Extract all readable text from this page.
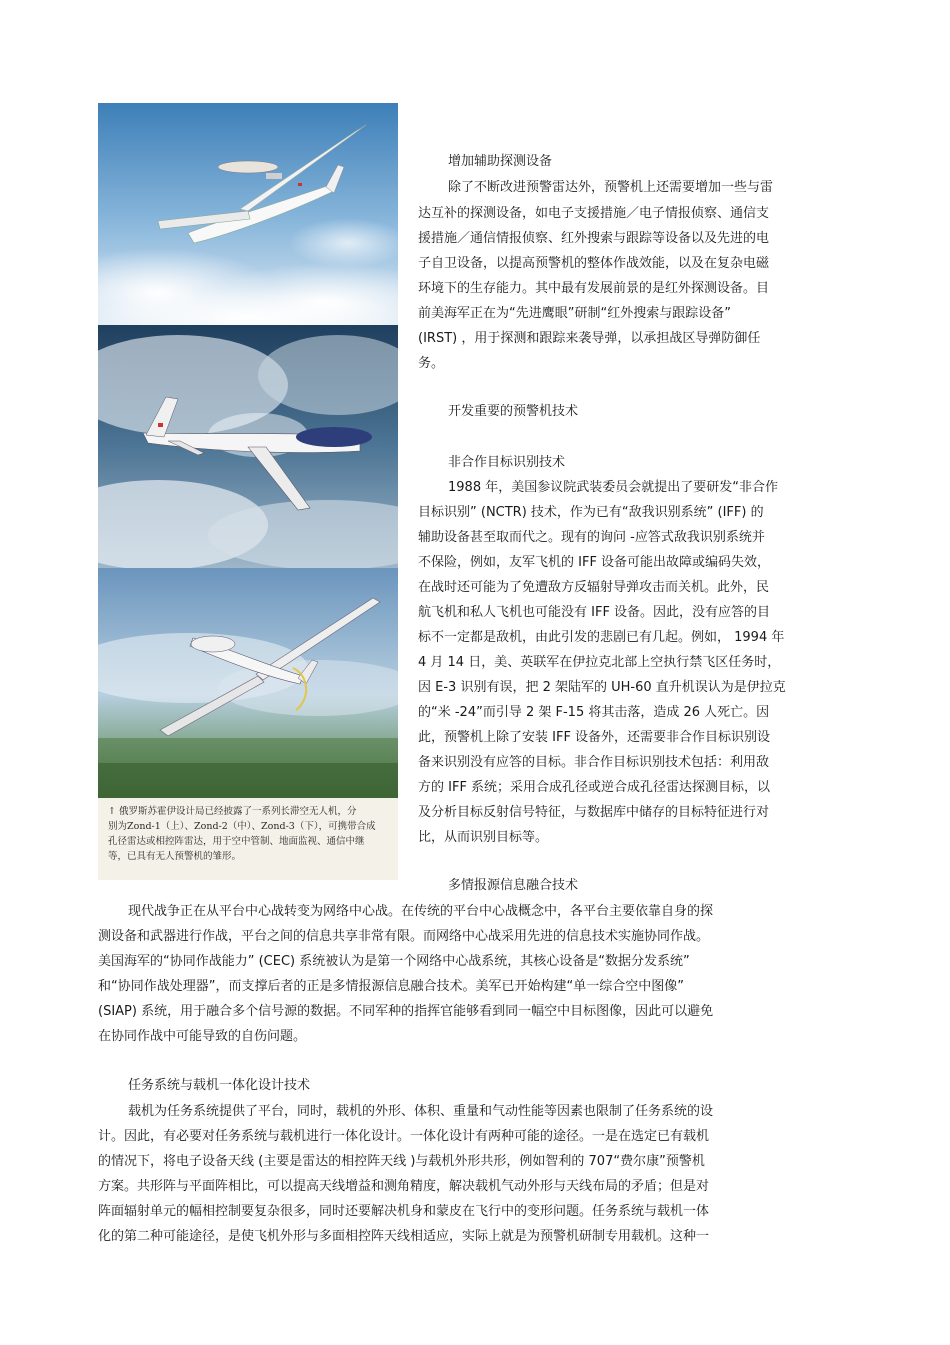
↑ 俄罗斯苏霍伊设计局已经披露了一系列长滞空无人机，分
别为Zond-1（上）、Zond-2（中）、Zond-3（下），可携带合成
孔径雷达或相控阵雷达，用于空中管制、地面监视、通信中继
等，已具有无人预警机的雏形。

增加辅助探测设备

除了不断改进预警雷达外，预警机上还需要增加一些与雷

达互补的探测设备，如电子支援措施／电子情报侦察、通信支

援措施／通信情报侦察、红外搜索与跟踪等设备以及先进的电

子自卫设备，以提高预警机的整体作战效能，以及在复杂电磁

环境下的生存能力。其中最有发展前景的是红外探测设备。目

前美海军正在为“先进鹰眼”研制“红外搜索与跟踪设备”

(IRST) ，用于探测和跟踪来袭导弹，以承担战区导弹防御任

务。

开发重要的预警机技术

非合作目标识别技术

1988 年，美国参议院武装委员会就提出了要研发“非合作

目标识别” (NCTR) 技术，作为已有“敌我识别系统” (IFF) 的

辅助设备甚至取而代之。现有的询问 -应答式敌我识别系统并

不保险，例如，友军飞机的 IFF 设备可能出故障或编码失效，

在战时还可能为了免遭敌方反辐射导弹攻击而关机。此外，民

航飞机和私人飞机也可能没有 IFF 设备。因此，没有应答的目

标不一定都是敌机，由此引发的悲剧已有几起。例如， 1994 年

4 月 14 日，美、英联军在伊拉克北部上空执行禁飞区任务时，

因 E-3 识别有误，把 2 架陆军的 UH-60 直升机误认为是伊拉克

的“米 -24”而引导 2 架 F-15 将其击落，造成 26 人死亡。因

此，预警机上除了安装 IFF 设备外，还需要非合作目标识别设

备来识别没有应答的目标。非合作目标识别技术包括：利用敌

方的 IFF 系统；采用合成孔径或逆合成孔径雷达探测目标，以

及分析目标反射信号特征，与数据库中储存的目标特征进行对

比，从而识别目标等。

多情报源信息融合技术

现代战争正在从平台中心战转变为网络中心战。在传统的平台中心战概念中，各平台主要依靠自身的探

测设备和武器进行作战，平台之间的信息共享非常有限。而网络中心战采用先进的信息技术实施协同作战。

美国海军的“协同作战能力” (CEC) 系统被认为是第一个网络中心战系统，其核心设备是“数据分发系统”

和“协同作战处理器”，而支撑后者的正是多情报源信息融合技术。美军已开始构建“单一综合空中图像”

(SIAP) 系统，用于融合多个信号源的数据。不同军种的指挥官能够看到同一幅空中目标图像，因此可以避免

在协同作战中可能导致的自伤问题。

任务系统与载机一体化设计技术

载机为任务系统提供了平台，同时，载机的外形、体积、重量和气动性能等因素也限制了任务系统的设

计。因此，有必要对任务系统与载机进行一体化设计。一体化设计有两种可能的途径。一是在选定已有载机

的情况下，将电子设备天线 (主要是雷达的相控阵天线 )与载机外形共形，例如智利的 707“费尔康”预警机

方案。共形阵与平面阵相比，可以提高天线增益和测角精度，解决载机气动外形与天线布局的矛盾；但是对

阵面辐射单元的幅相控制要复杂很多，同时还要解决机身和蒙皮在飞行中的变形问题。任务系统与载机一体

化的第二种可能途径，是使飞机外形与多面相控阵天线相适应，实际上就是为预警机研制专用载机。这种一
